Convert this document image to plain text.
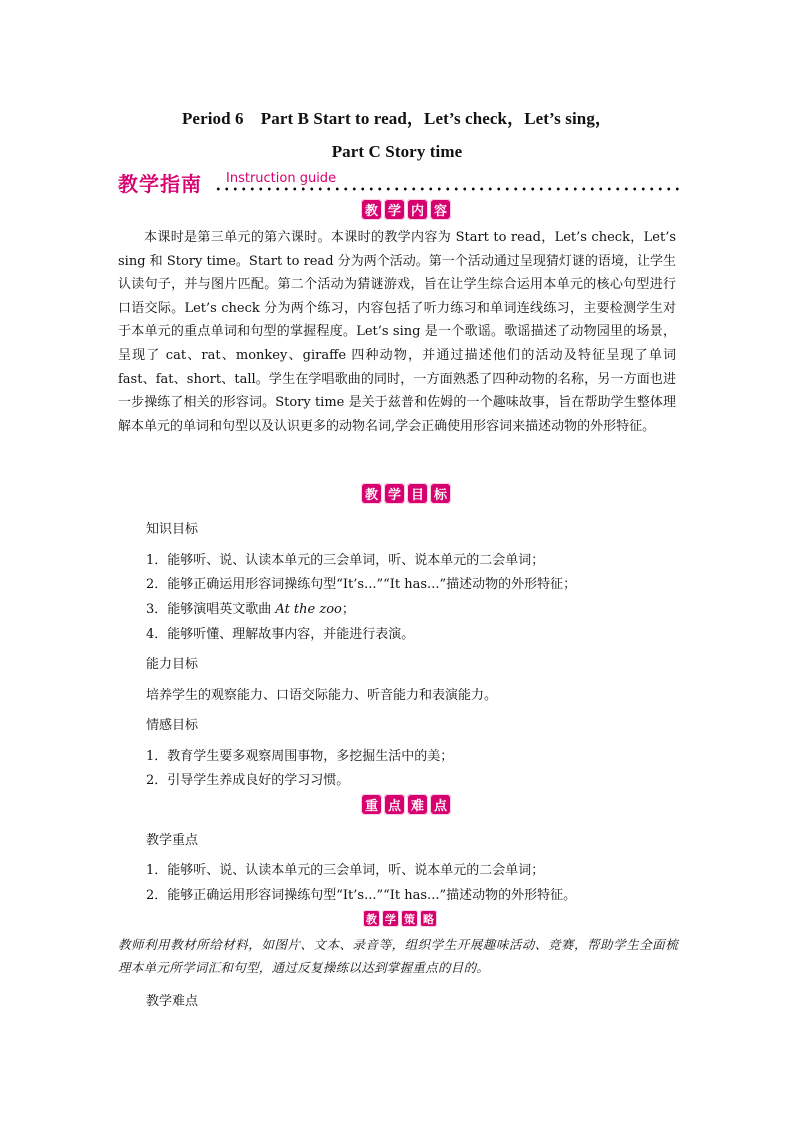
Period 6　Part B Start to read，Let’s check，Let’s sing，
Part C Story time
教学指南 Instruction guide
教 学 内 容
本课时是第三单元的第六课时。本课时的教学内容为 Start to read，Let’s check，Let’s sing 和 Story time。Start to read 分为两个活动。第一个活动通过呈现猜灯谜的语境，让学生认读句子，并与图片匹配。第二个活动为猜谜游戏，旨在让学生综合运用本单元的核心句型进行口语交际。Let’s check 分为两个练习，内容包括了听力练习和单词连线练习，主要检测学生对于本单元的重点单词和句型的掌握程度。Let’s sing 是一个歌谣。歌谣描述了动物园里的场景，呈现了 cat、rat、monkey、giraffe 四种动物，并通过描述他们的活动及特征呈现了单词 fast、fat、short、tall。学生在学唱歌曲的同时，一方面熟悉了四种动物的名称，另一方面也进一步操练了相关的形容词。Story time 是关于兹普和佐姆的一个趣味故事，旨在帮助学生整体理解本单元的单词和句型以及认识更多的动物名词,学会正确使用形容词来描述动物的外形特征。
教 学 目 标
知识目标
1．能够听、说、认读本单元的三会单词，听、说本单元的二会单词；
2．能够正确运用形容词操练句型“It’s...”“It has...”描述动物的外形特征；
3．能够演唱英文歌曲 At the zoo；
4．能够听懂、理解故事内容，并能进行表演。
能力目标
培养学生的观察能力、口语交际能力、听音能力和表演能力。
情感目标
1．教育学生要多观察周围事物，多挖掘生活中的美；
2．引导学生养成良好的学习习惯。
重 点 难 点
教学重点
1．能够听、说、认读本单元的三会单词，听、说本单元的二会单词；
2．能够正确运用形容词操练句型“It’s...”“It has...”描述动物的外形特征。
教 学 策 略
教师利用教材所给材料，如图片、文本、录音等，组织学生开展趣味活动、竞赛，帮助学生全面梳理本单元所学词汇和句型，通过反复操练以达到掌握重点的目的。
教学难点
